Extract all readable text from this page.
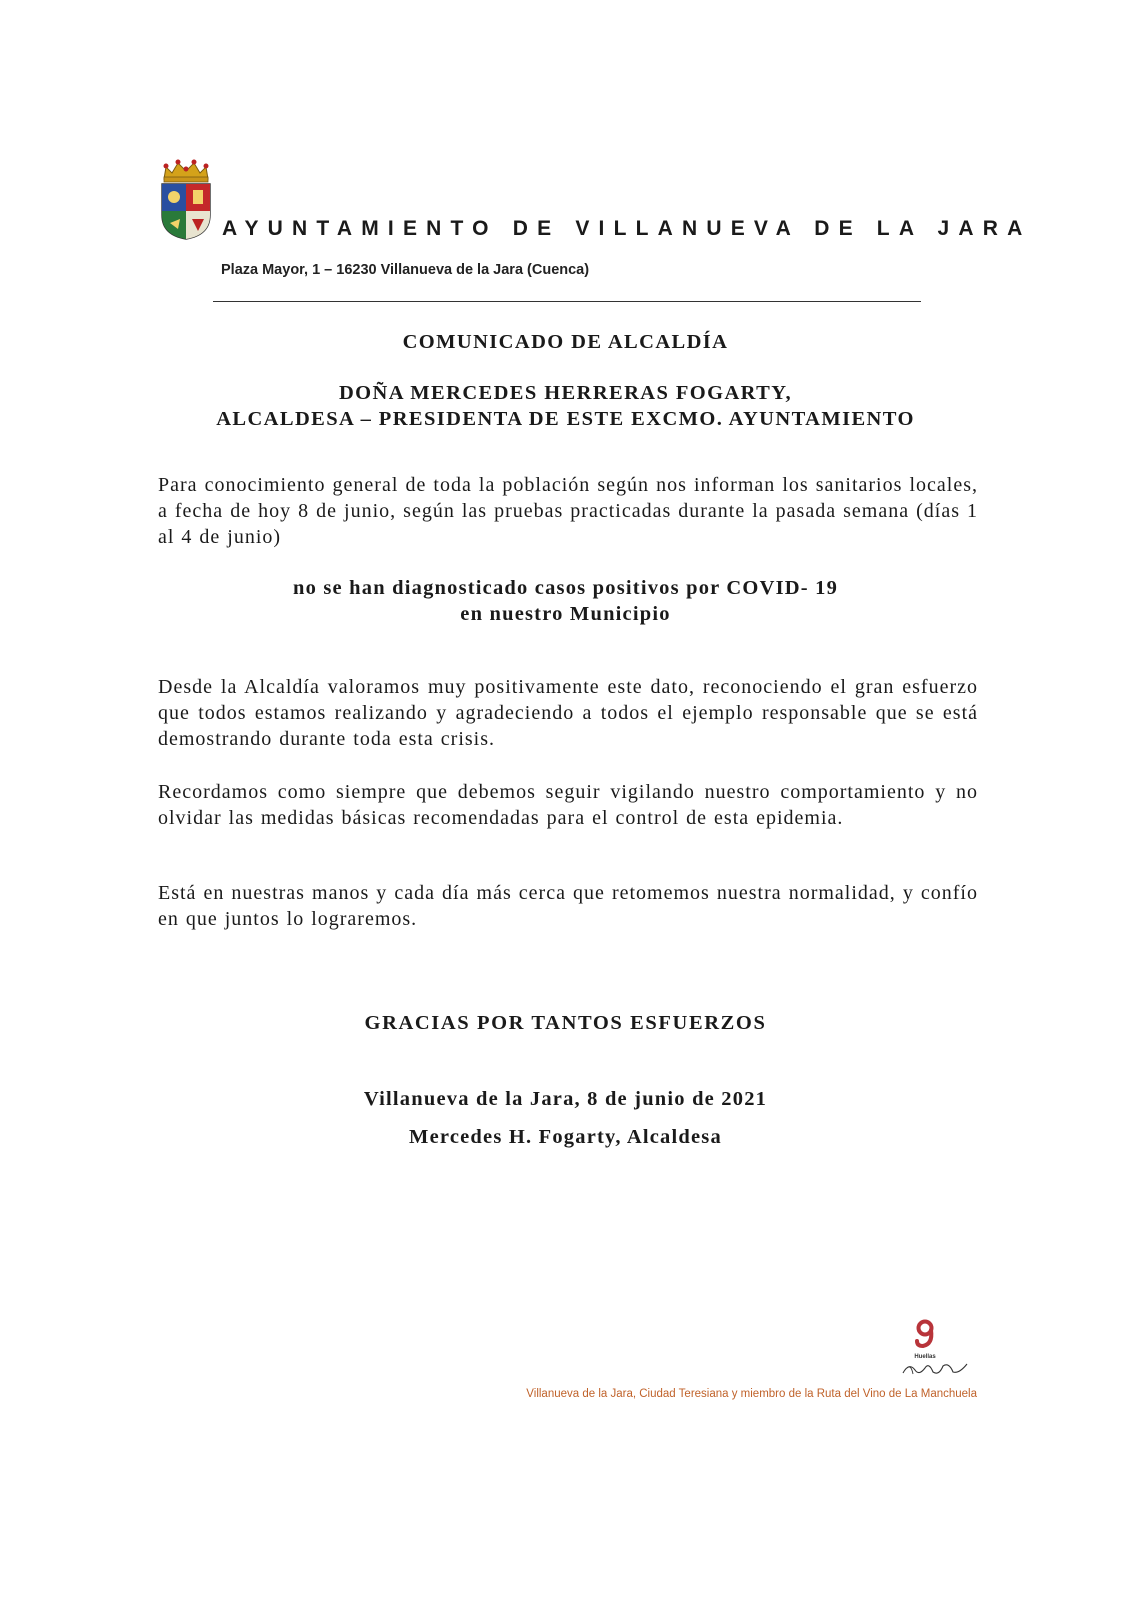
AYUNTAMIENTO DE VILLANUEVA DE LA JARA
Plaza Mayor, 1 – 16230 Villanueva de la Jara (Cuenca)
COMUNICADO DE ALCALDÍA
DOÑA MERCEDES HERRERAS FOGARTY,
ALCALDESA – PRESIDENTA DE ESTE EXCMO. AYUNTAMIENTO

Para conocimiento general de toda la población según nos informan los sanitarios locales, a fecha de hoy 8 de junio, según las pruebas practicadas durante la pasada semana (días 1 al 4 de junio)

no se han diagnosticado casos positivos por COVID- 19
en nuestro Municipio

Desde la Alcaldía valoramos muy positivamente este dato, reconociendo el gran esfuerzo que todos estamos realizando y agradeciendo a todos el ejemplo responsable que se está demostrando durante toda esta crisis.

Recordamos como siempre que debemos seguir vigilando nuestro comportamiento y no olvidar las medidas básicas recomendadas para el control de esta epidemia.

Está en nuestras manos y cada día más cerca que retomemos nuestra normalidad, y confío en que juntos lo lograremos.

GRACIAS POR TANTOS ESFUERZOS
Villanueva de la Jara, 8 de junio de 2021
Mercedes H. Fogarty, Alcaldesa
Huellas
Villanueva de la Jara, Ciudad Teresiana y miembro de la Ruta del Vino de La Manchuela
